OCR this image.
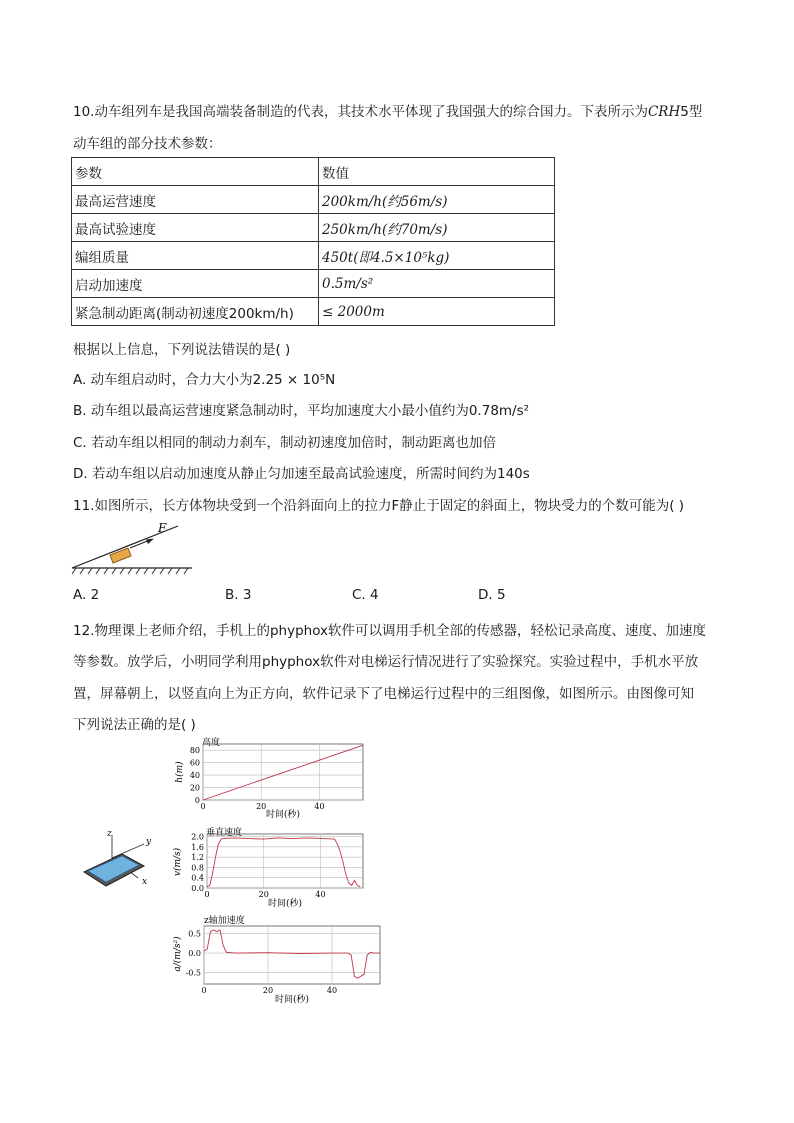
10.动车组列车是我国高端装备制造的代表，其技术水平体现了我国强大的综合国力。下表所示为CRH5型
动车组的部分技术参数：
参数	数值
最高运营速度	200km/h(约56m/s)
最高试验速度	250km/h(约70m/s)
编组质量	450t(即4.5×10⁵kg)
启动加速度	0.5m/s²
紧急制动距离(制动初速度200km/h)	≤ 2000m
根据以上信息，下列说法错误的是( )
A. 动车组启动时，合力大小为2.25 × 10⁵N
B. 动车组以最高运营速度紧急制动时，平均加速度大小最小值约为0.78m/s²
C. 若动车组以相同的制动力刹车，制动初速度加倍时，制动距离也加倍
D. 若动车组以启动加速度从静止匀加速至最高试验速度，所需时间约为140s
11.如图所示，长方体物块受到一个沿斜面向上的拉力F静止于固定的斜面上，物块受力的个数可能为( )
F
A. 2	B. 3	C. 4	D. 5
12.物理课上老师介绍，手机上的phyphox软件可以调用手机全部的传感器，轻松记录高度、速度、加速度
等参数。放学后，小明同学利用phyphox软件对电梯运行情况进行了实验探究。实验过程中，手机水平放
置，屏幕朝上，以竖直向上为正方向，软件记录下了电梯运行过程中的三组图像，如图所示。由图像可知
下列说法正确的是( )
z
y
x
高度
时间(秒)
h(m)
0
20
40
60
80
0	20	40
垂直速度
时间(秒)
v(m/s)
0.0
0.4
0.8
1.2
1.6
2.0
0	20	40
z轴加速度
时间(秒)
a/(m/s²)
-0.5
0.0
0.5
0	20	40
